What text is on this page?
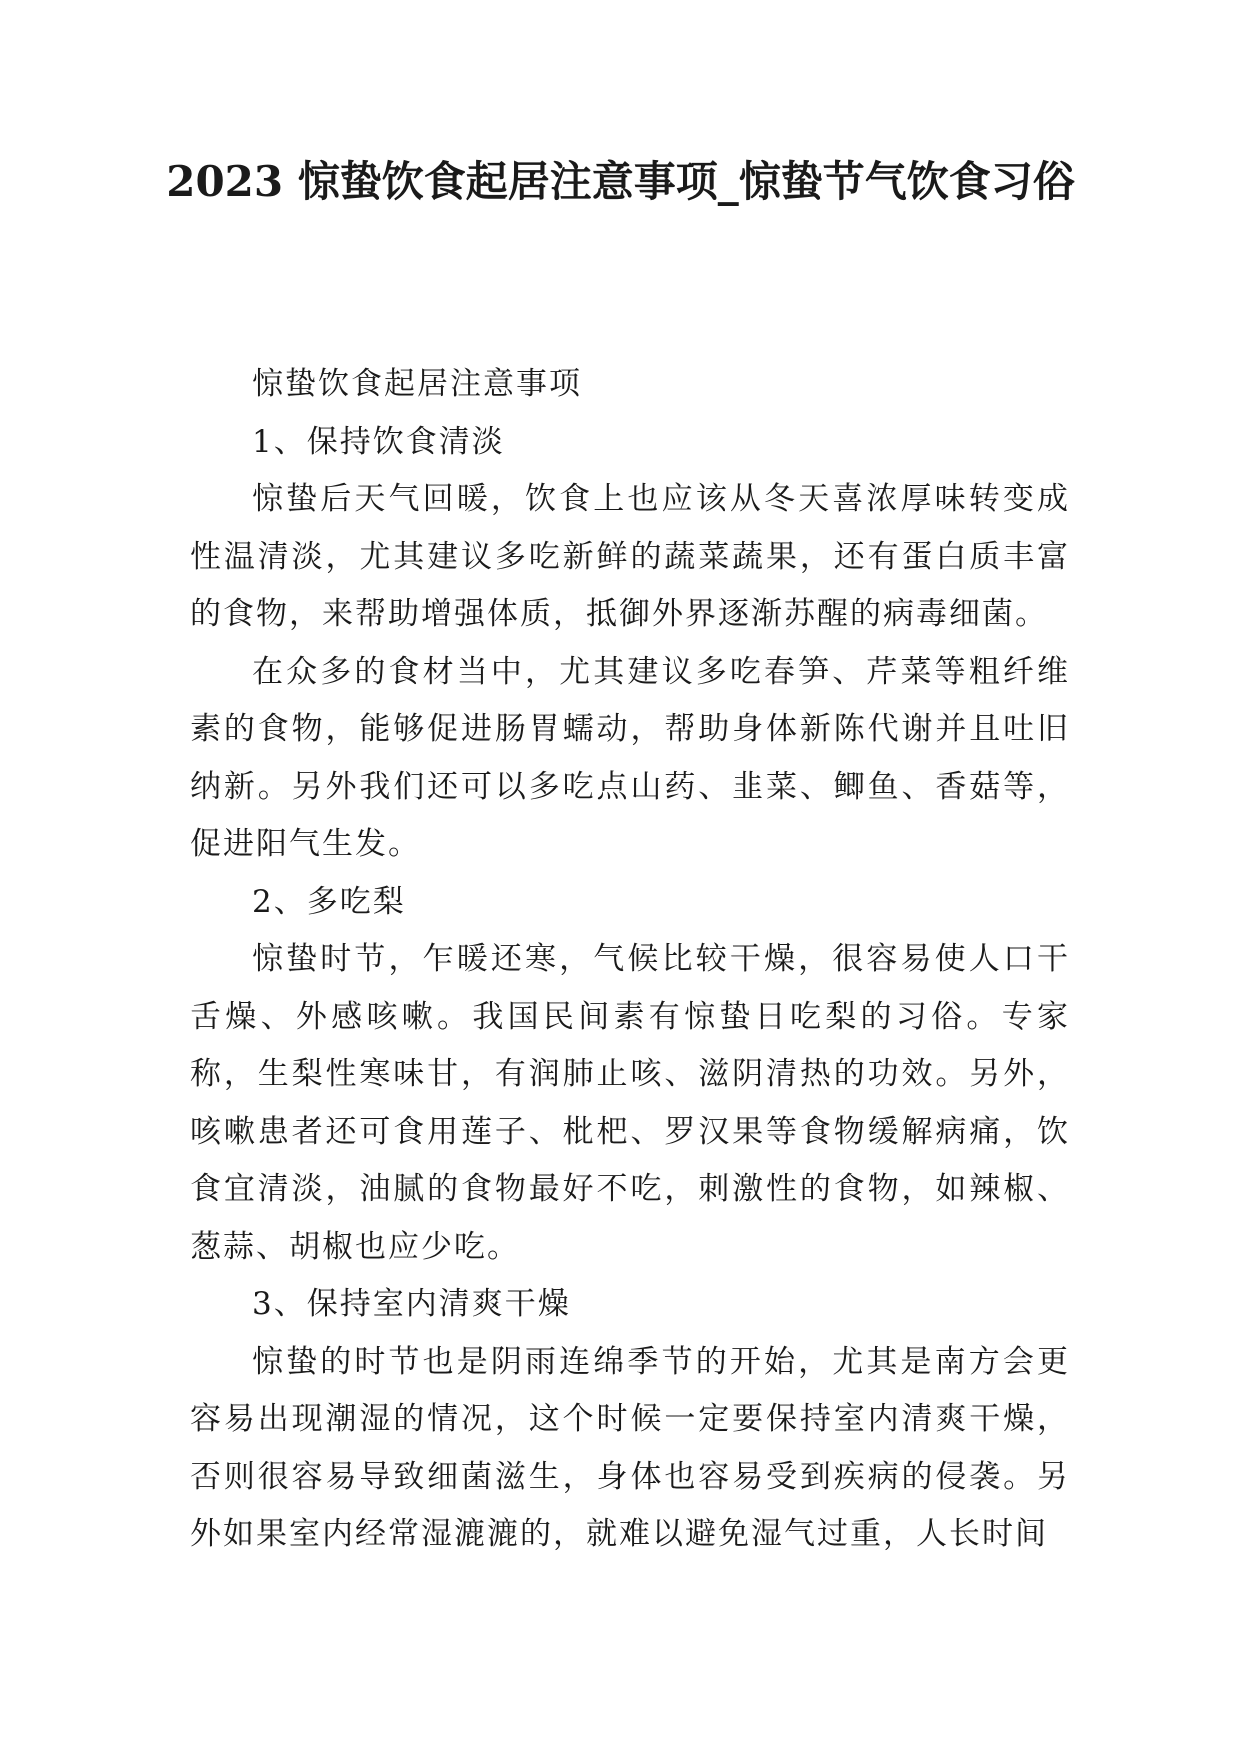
2023 惊蛰饮食起居注意事项_惊蛰节气饮食习俗

惊蛰饮食起居注意事项

1、保持饮食清淡

惊蛰后天气回暖，饮食上也应该从冬天喜浓厚味转变成性温清淡，尤其建议多吃新鲜的蔬菜蔬果，还有蛋白质丰富的食物，来帮助增强体质，抵御外界逐渐苏醒的病毒细菌。

在众多的食材当中，尤其建议多吃春笋、芹菜等粗纤维素的食物，能够促进肠胃蠕动，帮助身体新陈代谢并且吐旧纳新。另外我们还可以多吃点山药、韭菜、鲫鱼、香菇等，促进阳气生发。

2、多吃梨

惊蛰时节，乍暖还寒，气候比较干燥，很容易使人口干舌燥、外感咳嗽。我国民间素有惊蛰日吃梨的习俗。专家称，生梨性寒味甘，有润肺止咳、滋阴清热的功效。另外，咳嗽患者还可食用莲子、枇杷、罗汉果等食物缓解病痛，饮食宜清淡，油腻的食物最好不吃，刺激性的食物，如辣椒、葱蒜、胡椒也应少吃。

3、保持室内清爽干燥

惊蛰的时节也是阴雨连绵季节的开始，尤其是南方会更容易出现潮湿的情况，这个时候一定要保持室内清爽干燥，否则很容易导致细菌滋生，身体也容易受到疾病的侵袭。另外如果室内经常湿漉漉的，就难以避免湿气过重，人长时间
